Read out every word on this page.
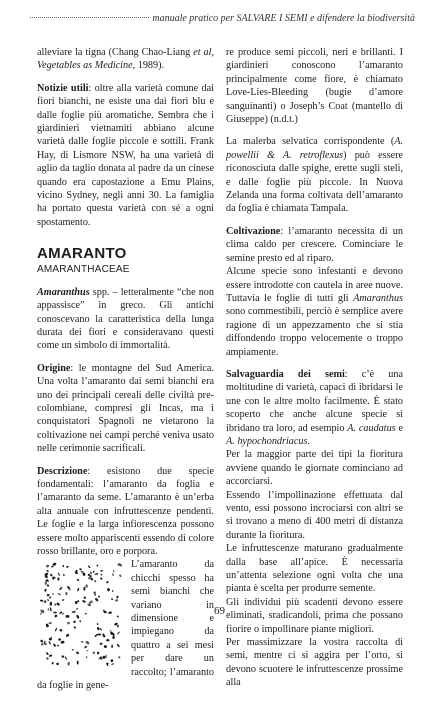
manuale pratico per SALVARE I SEMI e difendere la biodiversità

alleviare la tigna (Chang Chao-Liang et al, Vegetables as Medicine, 1989).

Notizie utili: oltre alla varietà comune dai fiori bianchi, ne esiste una dai fiori blu e dalle foglie più aromatiche. Sembra che i giardinieri vietnamiti abbiano alcune varietà dalle foglie piccole e sottili. Frank Hay, di Lismore NSW, ha una varietà di aglio da taglio donata al padre da un cinese quando era capostazione a Emu Plains, vicino Sydney, negli anni 30. La famiglia ha portato questa varietà con sé a ogni spostamento.

AMARANTO
AMARANTHACEAE

Amaranthus spp. – letteralmente “che non appassisce” in greco. Gli antichi conoscevano la caratteristica della lunga durata dei fiori e consideravano questi come un simbolo di immortalità.

Origine: le montagne del Sud America. Una volta l’amaranto dai semi bianchi era uno dei principali cereali delle civiltà pre-colombiane, compresi gli Incas, ma i conquistatori Spagnoli ne vietarono la coltivazione nei campi perché veniva usato nelle cerimonie sacrificali.

Descrizione: esistono due specie fondamentali: l’amaranto da foglia e l’amaranto da seme. L’amaranto è un’erba alta annuale con infruttescenze pendenti. Le foglie e la larga infiorescenza possono essere molto appariscenti essendo di colore rosso brillante, oro e porpora.

L’amaranto da chicchi spesso ha semi bianchi che variano in dimensione e impiegano da quattro a sei mesi per dare un raccolto; l’amaranto da foglie in gene-

re produce semi piccoli, neri e brillanti. I giardinieri conoscono l’amaranto principalmente come fiore, è chiamato Love-Lies-Bleeding (bugie d’amore sanguinanti) o Joseph’s Coat (mantello di Giuseppe) (n.d.t.)

La malerba selvatica corrispondente (A. powellii & A. retroflexus) può essere riconosciuta dalle spighe, erette sugli steli, e dalle foglie più piccole. In Nuova Zelanda una forma coltivata dell’amaranto da foglia è chiamata Tampala.

Coltivazione: l’amaranto necessita di un clima caldo per crescere. Cominciare le semine presto ed al riparo.

Alcune specie sono infestanti e devono essere introdotte con cautela in aree nuove. Tuttavia le foglie di tutti gli Amaranthus sono commestibili, perciò è semplice avere ragione di un appezzamento che si stia diffondendo troppo velocemente o troppo ampiamente.

Salvaguardia dei semi: c’è una moltitudine di varietà, capaci di ibridarsi le une con le altre molto facilmente. È stato scoperto che anche alcune specie si ibridano tra loro, ad esempio A. caudatus e A. hypochondriacus.

Per la maggior parte dei tipi la fioritura avviene quando le giornate cominciano ad accorciarsi.

Essendo l’impollinazione effettuata dal vento, essi possono incrociarsi con altri se si trovano a meno di 400 metri di distanza durante la fioritura.

Le infruttescenze maturano gradualmente dalla base all’apice. È necessaria un’attenta selezione ogni volta che una pianta è scelta per produrre semente.

Gli individui più scadenti devono essere eliminati, sradicandoli, prima che possano fiorire o impollinare piante migliori.

Per massimizzare la vostra raccolta di semi, mentre ci si aggira per l’orto, si devono scuotere le infruttescenze prossime alla

69
